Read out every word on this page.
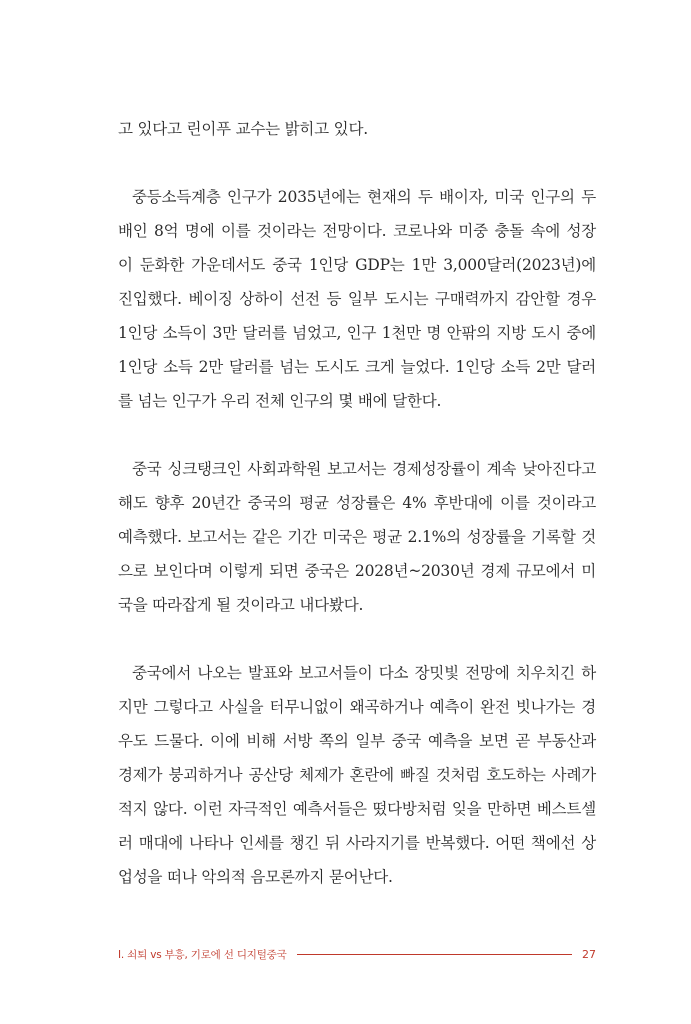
고 있다고 린이푸 교수는 밝히고 있다.
중등소득계층 인구가 2035년에는 현재의 두 배이자, 미국 인구의 두
배인 8억 명에 이를 것이라는 전망이다. 코로나와 미중 충돌 속에 성장
이 둔화한 가운데서도 중국 1인당 GDP는 1만 3,000달러(2023년)에
진입했다. 베이징 상하이 선전 등 일부 도시는 구매력까지 감안할 경우
1인당 소득이 3만 달러를 넘었고, 인구 1천만 명 안팎의 지방 도시 중에
1인당 소득 2만 달러를 넘는 도시도 크게 늘었다. 1인당 소득 2만 달러
를 넘는 인구가 우리 전체 인구의 몇 배에 달한다.
중국 싱크탱크인 사회과학원 보고서는 경제성장률이 계속 낮아진다고
해도 향후 20년간 중국의 평균 성장률은 4% 후반대에 이를 것이라고
예측했다. 보고서는 같은 기간 미국은 평균 2.1%의 성장률을 기록할 것
으로 보인다며 이렇게 되면 중국은 2028년~2030년 경제 규모에서 미
국을 따라잡게 될 것이라고 내다봤다.
중국에서 나오는 발표와 보고서들이 다소 장밋빛 전망에 치우치긴 하
지만 그렇다고 사실을 터무니없이 왜곡하거나 예측이 완전 빗나가는 경
우도 드물다. 이에 비해 서방 쪽의 일부 중국 예측을 보면 곧 부동산과
경제가 붕괴하거나 공산당 체제가 혼란에 빠질 것처럼 호도하는 사례가
적지 않다. 이런 자극적인 예측서들은 떴다방처럼 잊을 만하면 베스트셀
러 매대에 나타나 인세를 챙긴 뒤 사라지기를 반복했다. 어떤 책에선 상
업성을 떠나 악의적 음모론까지 묻어난다.
I. 쇠퇴 vs 부흥, 기로에 선 디지털중국	27
